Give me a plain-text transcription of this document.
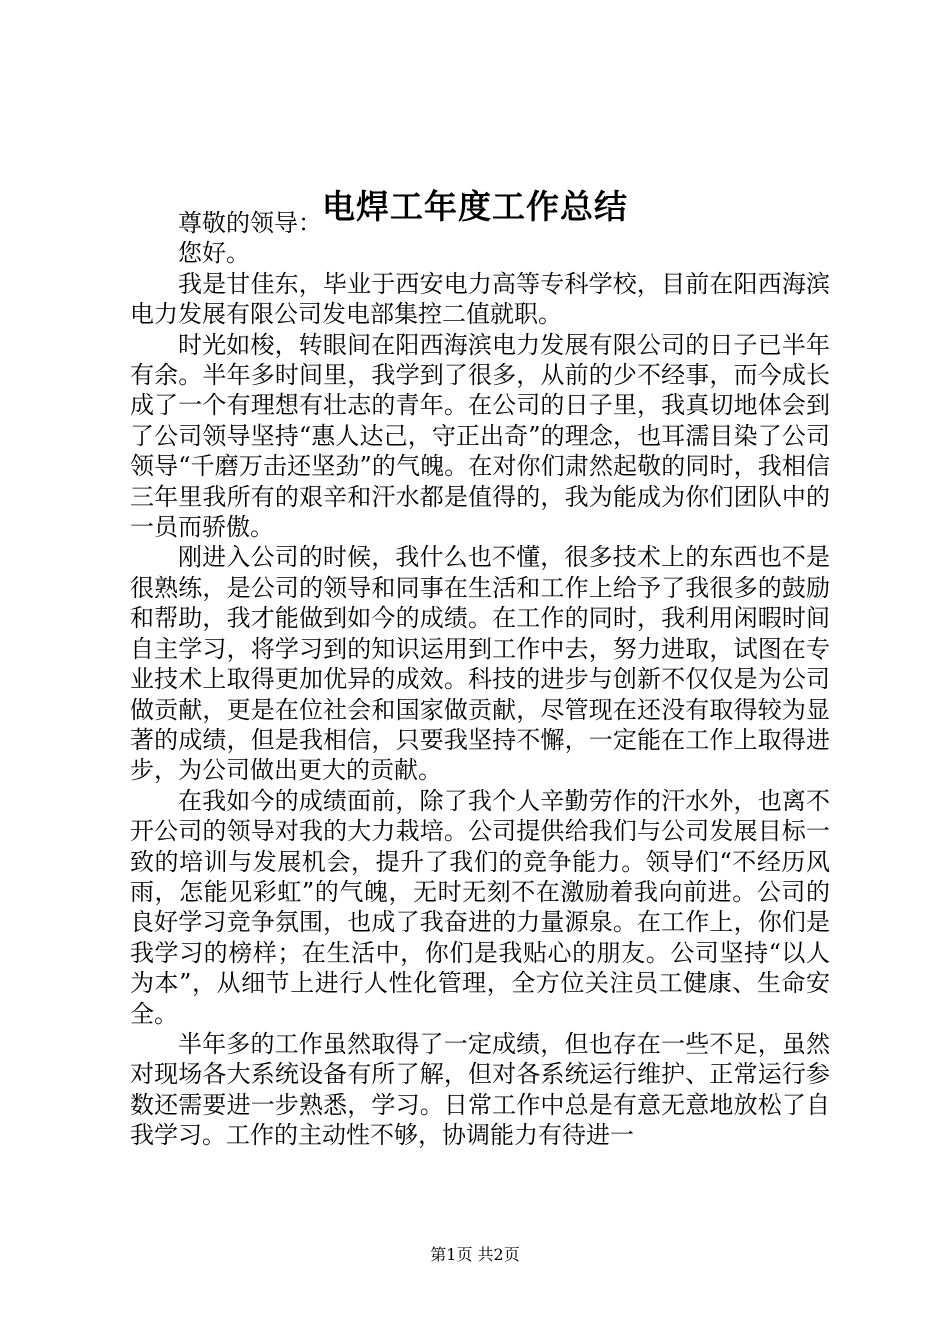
电焊工年度工作总结

尊敬的领导：

您好。

我是甘佳东，毕业于西安电力高等专科学校，目前在阳西海滨电力发展有限公司发电部集控二值就职。

时光如梭，转眼间在阳西海滨电力发展有限公司的日子已半年有余。半年多时间里，我学到了很多，从前的少不经事，而今成长成了一个有理想有壮志的青年。在公司的日子里，我真切地体会到了公司领导坚持“惠人达己，守正出奇”的理念，也耳濡目染了公司领导“千磨万击还坚劲”的气魄。在对你们肃然起敬的同时，我相信三年里我所有的艰辛和汗水都是值得的，我为能成为你们团队中的一员而骄傲。

刚进入公司的时候，我什么也不懂，很多技术上的东西也不是很熟练，是公司的领导和同事在生活和工作上给予了我很多的鼓励和帮助，我才能做到如今的成绩。在工作的同时，我利用闲暇时间自主学习，将学习到的知识运用到工作中去，努力进取，试图在专业技术上取得更加优异的成效。科技的进步与创新不仅仅是为公司做贡献，更是在位社会和国家做贡献，尽管现在还没有取得较为显著的成绩，但是我相信，只要我坚持不懈，一定能在工作上取得进步，为公司做出更大的贡献。

在我如今的成绩面前，除了我个人辛勤劳作的汗水外，也离不开公司的领导对我的大力栽培。公司提供给我们与公司发展目标一致的培训与发展机会，提升了我们的竞争能力。领导们“不经历风雨，怎能见彩虹”的气魄，无时无刻不在激励着我向前进。公司的良好学习竞争氛围，也成了我奋进的力量源泉。在工作上，你们是我学习的榜样；在生活中，你们是我贴心的朋友。公司坚持“以人为本”，从细节上进行人性化管理，全方位关注员工健康、生命安全。

半年多的工作虽然取得了一定成绩，但也存在一些不足，虽然对现场各大系统设备有所了解，但对各系统运行维护、正常运行参数还需要进一步熟悉，学习。日常工作中总是有意无意地放松了自我学习。工作的主动性不够，协调能力有待进一

第1页 共2页
